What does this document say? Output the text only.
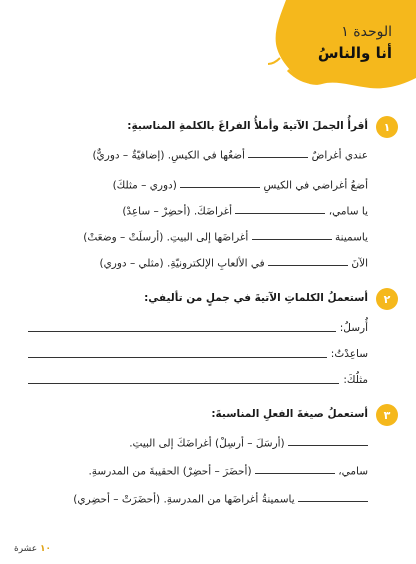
الوحدة ١
أنا والناسُ
١
أقرأُ الجملَ الآتيةَ وأملأُ الفراغَ بالكلمةِ المناسبةِ:
عندي أغراضٌ  أضعُها في الكيسِ. (إضافيّةٌ – دوريٌّ)
أضعُ أغراضي في الكيسِ  (دوري – مثلكَ)
يا سامي،  أغراضَكَ. (أحضِرْ – ساعِدْ)
ياسمينة  أغراضَها إلى البيتِ. (أرسلَتْ – وضعَتْ)
الآنَ  في الألعابِ الإلكترونيّةِ. (مثلي – دوري)
٢
أستعملُ الكلماتِ الآتيةَ في جملٍ من تأليفي:
أُرسلُ:
ساعِدْتُ:
مثلُكَ:
٣
أستعملُ صيغةَ الفعلِ المناسبةَ:
(أرسَلَ – أرسِلْ) أغراضَكَ إلى البيتِ.
سامي،  (أحضَرَ – أحضِرْ) الحقيبةَ من المدرسةِ.
ياسمينةُ أغراضَها من المدرسةِ. (أحضَرَتْ – أحضِري)
١٠ عشرة
